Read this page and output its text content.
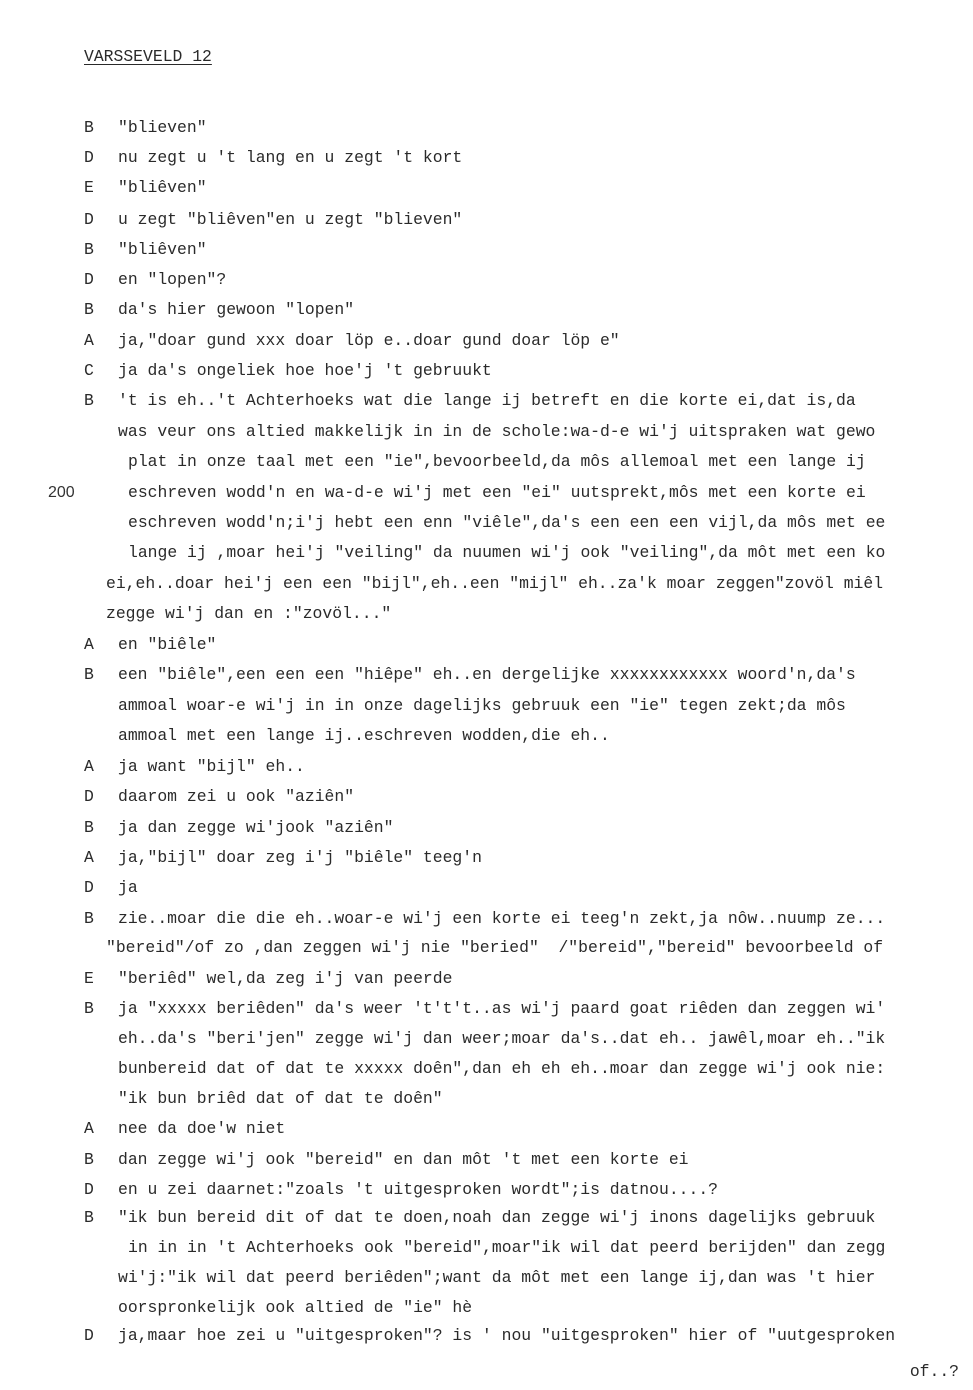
VARSSEVELD 12
200
B "blieven"
D nu zegt u 't lang en u zegt 't kort
E "bliêven"
D u zegt "bliêven"en u zegt "blieven"
B "bliêven"
D en "lopen"?
B da's hier gewoon "lopen"
A ja,"doar gund xxx doar löp e..doar gund doar löp e"
C ja da's ongeliek hoe hoe'j 't gebruukt
B 't is eh..'t Achterhoeks wat die lange ij betreft en die korte ei,dat is,da
was veur ons altied makkelijk in in de schole:wa-d-e wi'j uitspraken wat gewo
plat in onze taal met een "ie",bevoorbeeld,da môs allemoal met een lange ij
eschreven wodd'n en wa-d-e wi'j met een "ei" uutsprekt,môs met een korte ei
eschreven wodd'n;i'j hebt een enn "viêle",da's een een een vijl,da môs met ee
lange ij ,moar hei'j "veiling" da nuumen wi'j ook "veiling",da môt met een ko
ei,eh..doar hei'j een een "bijl",eh..een "mijl" eh..za'k moar zeggen"zovöl miêl
zegge wi'j dan en :"zovöl..."
A en "biêle"
B een "biêle",een een een "hiêpe" eh..en dergelijke xxxxxxxxxxxx woord'n,da's
ammoal woar-e wi'j in in onze dagelijks gebruuk een "ie" tegen zekt;da môs
ammoal met een lange ij..eschreven wodden,die eh..
A ja want "bijl" eh..
D daarom zei u ook "aziên"
B ja dan zegge wi'jook "aziên"
A ja,"bijl" doar zeg i'j "biêle" teeg'n
D ja
B zie..moar die die eh..woar-e wi'j een korte ei teeg'n zekt,ja nôw..nuump ze...
"bereid"/of zo ,dan zeggen wi'j nie "beried"  /"bereid","bereid" bevoorbeeld of
E "beriêd" wel,da zeg i'j van peerde
B ja "xxxxx beriêden" da's weer 't't't..as wi'j paard goat riêden dan zeggen wi'
eh..da's "beri'jen" zegge wi'j dan weer;moar da's..dat eh.. jawêl,moar eh.."ik
bunbereid dat of dat te xxxxx doên",dan eh eh eh..moar dan zegge wi'j ook nie:
"ik bun briêd dat of dat te doên"
A nee da doe'w niet
B dan zegge wi'j ook "bereid" en dan môt 't met een korte ei
D en u zei daarnet:"zoals 't uitgesproken wordt";is datnou....?
B "ik bun bereid dit of dat te doen,noah dan zegge wi'j inons dagelijks gebruuk
in in in 't Achterhoeks ook "bereid",moar"ik wil dat peerd berijden" dan zegg
wi'j:"ik wil dat peerd beriêden";want da môt met een lange ij,dan was 't hier
oorspronkelijk ook altied de "ie" hè
D ja,maar hoe zei u "uitgesproken"? is ' nou "uitgesproken" hier of "uutgesproken
of..?
